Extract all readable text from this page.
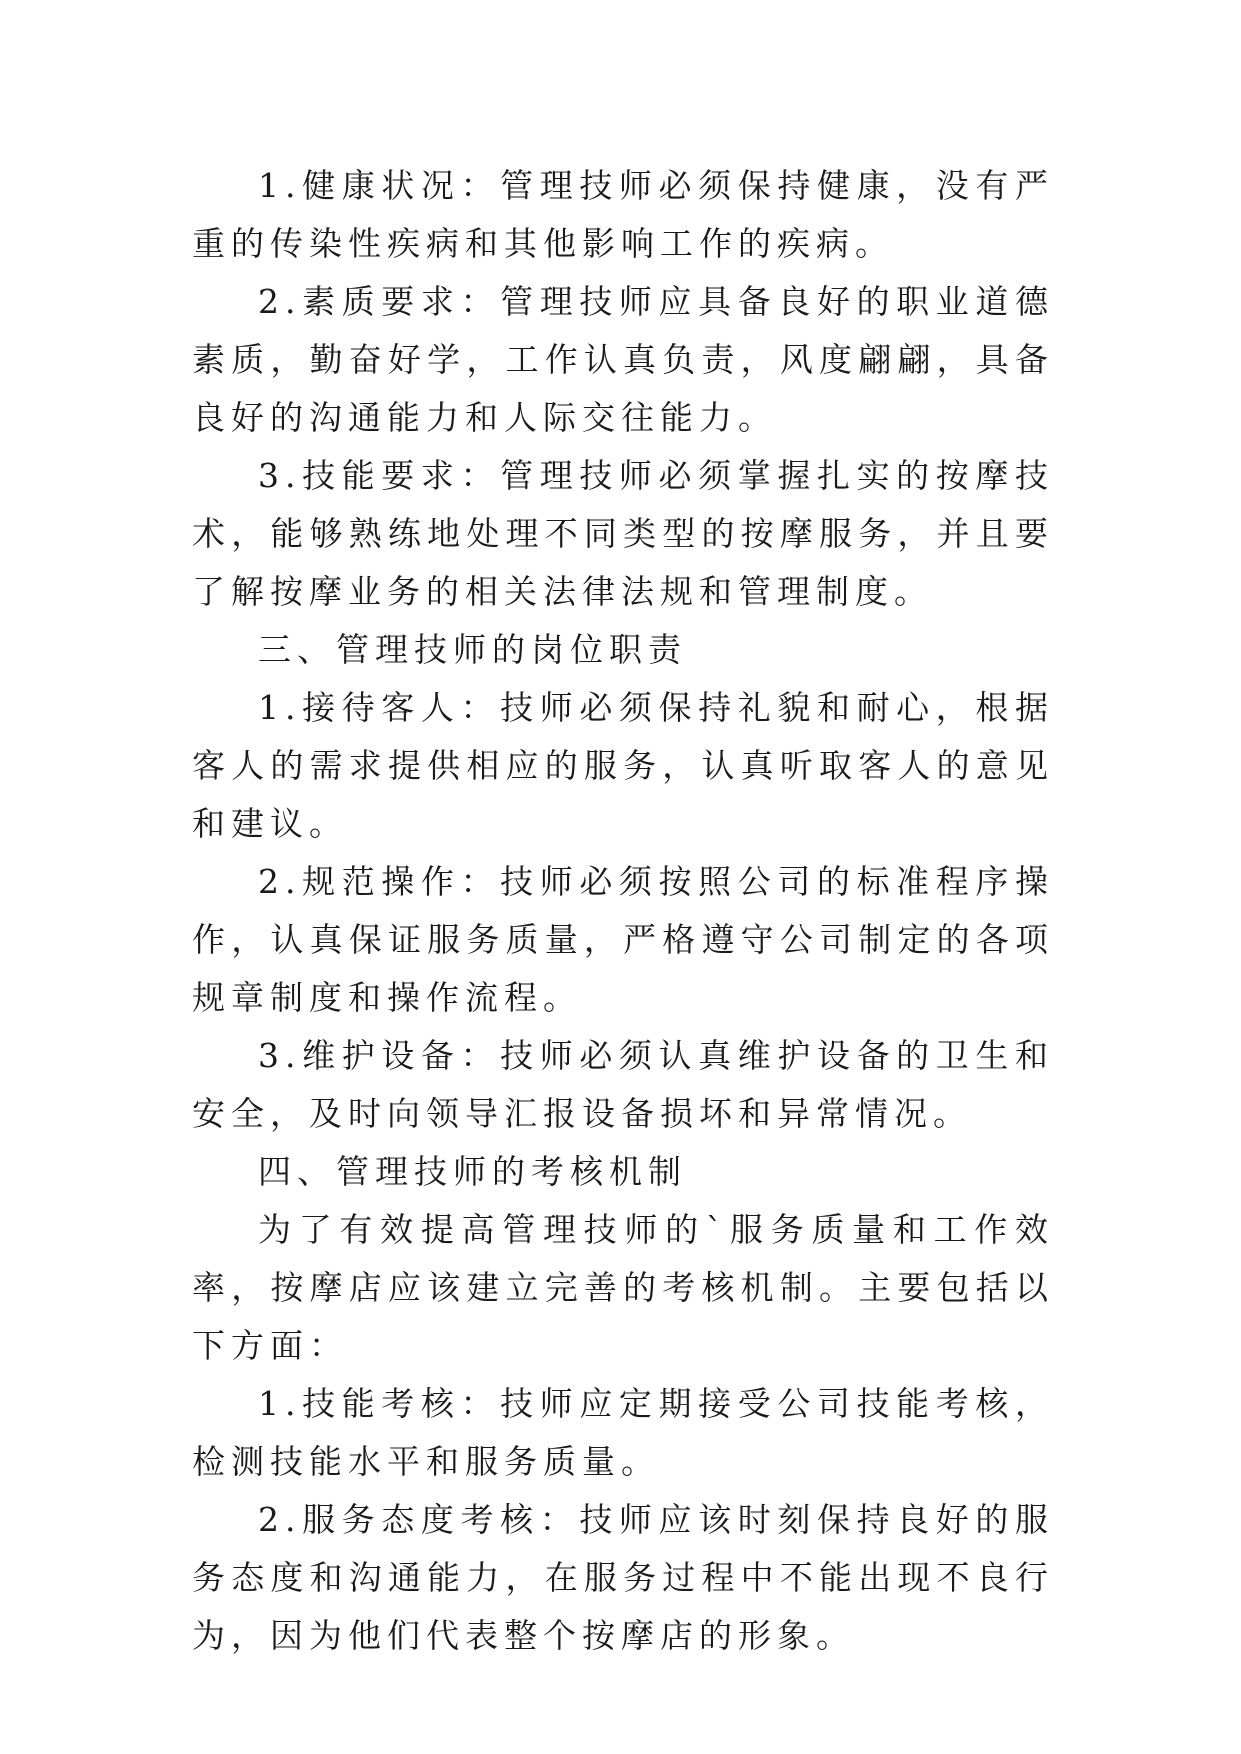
1.健康状况：管理技师必须保持健康，没有严重的传染性疾病和其他影响工作的疾病。

2.素质要求：管理技师应具备良好的职业道德素质，勤奋好学，工作认真负责，风度翩翩，具备良好的沟通能力和人际交往能力。

3.技能要求：管理技师必须掌握扎实的按摩技术，能够熟练地处理不同类型的按摩服务，并且要了解按摩业务的相关法律法规和管理制度。

三、管理技师的岗位职责

1.接待客人：技师必须保持礼貌和耐心，根据客人的需求提供相应的服务，认真听取客人的意见和建议。

2.规范操作：技师必须按照公司的标准程序操作，认真保证服务质量，严格遵守公司制定的各项规章制度和操作流程。

3.维护设备：技师必须认真维护设备的卫生和安全，及时向领导汇报设备损坏和异常情况。

四、管理技师的考核机制

为了有效提高管理技师的`服务质量和工作效率，按摩店应该建立完善的考核机制。主要包括以下方面：

1.技能考核：技师应定期接受公司技能考核，检测技能水平和服务质量。

2.服务态度考核：技师应该时刻保持良好的服务态度和沟通能力，在服务过程中不能出现不良行为，因为他们代表整个按摩店的形象。
